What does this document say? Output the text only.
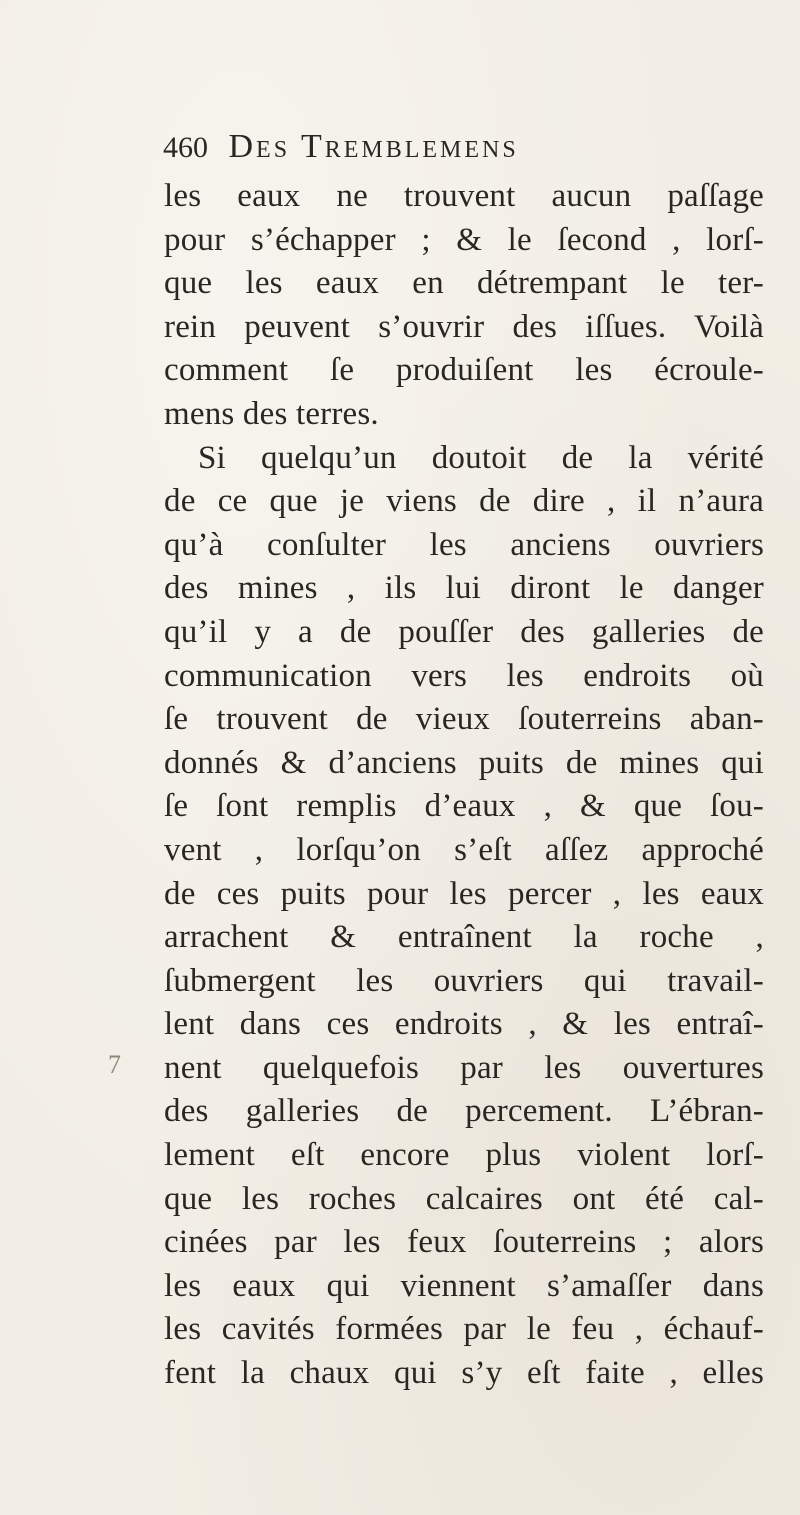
460 Des Tremblemens
les eaux ne trouvent aucun paſſage
pour s’échapper ; & le ſecond , lorſ-
que les eaux en détrempant le ter-
rein peuvent s’ouvrir des iſſues. Voilà
comment ſe produiſent les écroule-
mens des terres.
Si quelqu’un doutoit de la vérité
de ce que je viens de dire , il n’aura
qu’à conſulter les anciens ouvriers
des mines , ils lui diront le danger
qu’il y a de pouſſer des galleries de
communication vers les endroits où
ſe trouvent de vieux ſouterreins aban-
donnés & d’anciens puits de mines qui
ſe ſont remplis d’eaux , & que ſou-
vent , lorſqu’on s’eſt aſſez approché
de ces puits pour les percer , les eaux
arrachent & entraînent la roche ,
ſubmergent les ouvriers qui travail-
lent dans ces endroits , & les entraî-
nent quelquefois par les ouvertures
des galleries de percement. L’ébran-
lement eſt encore plus violent lorſ-
que les roches calcaires ont été cal-
cinées par les feux ſouterreins ; alors
les eaux qui viennent s’amaſſer dans
les cavités formées par le feu , échauf-
fent la chaux qui s’y eſt faite , elles
7
